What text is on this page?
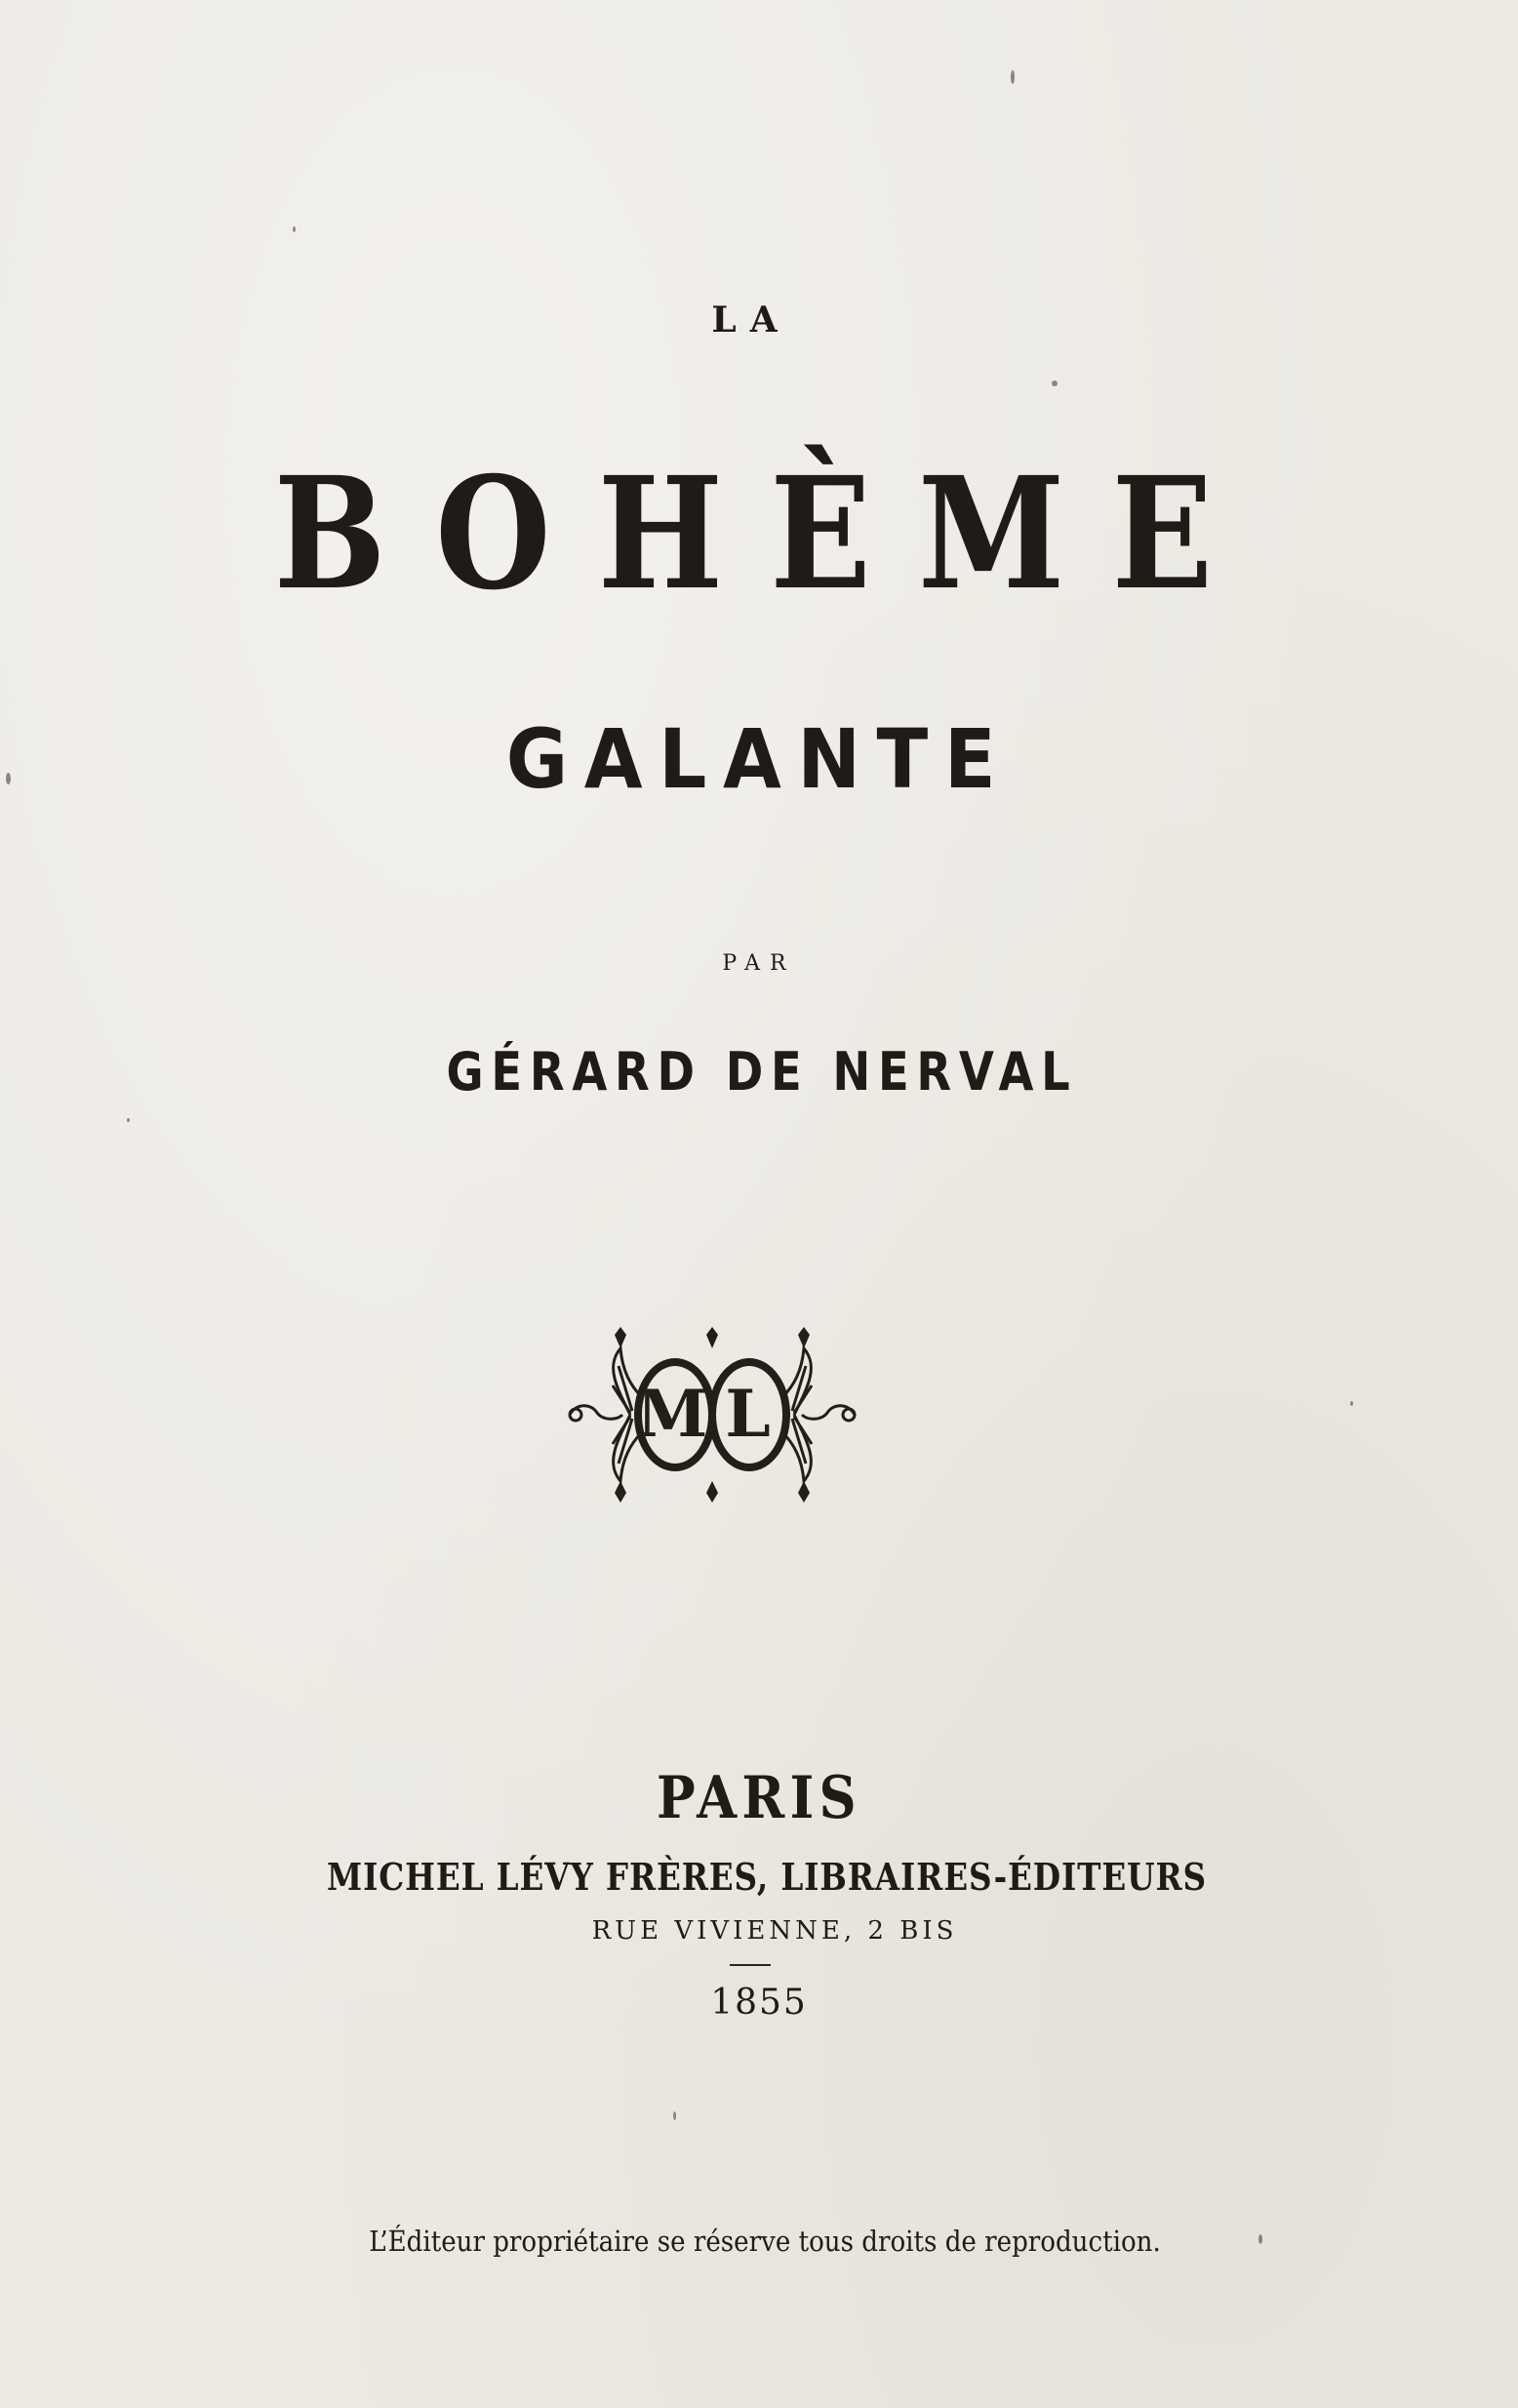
LA

BOHÈME

GALANTE

PAR

GÉRARD DE NERVAL

ML

PARIS

MICHEL LÉVY FRÈRES, LIBRAIRES-ÉDITEURS

RUE VIVIENNE, 2 BIS

1855

L’Éditeur propriétaire se réserve tous droits de reproduction.
